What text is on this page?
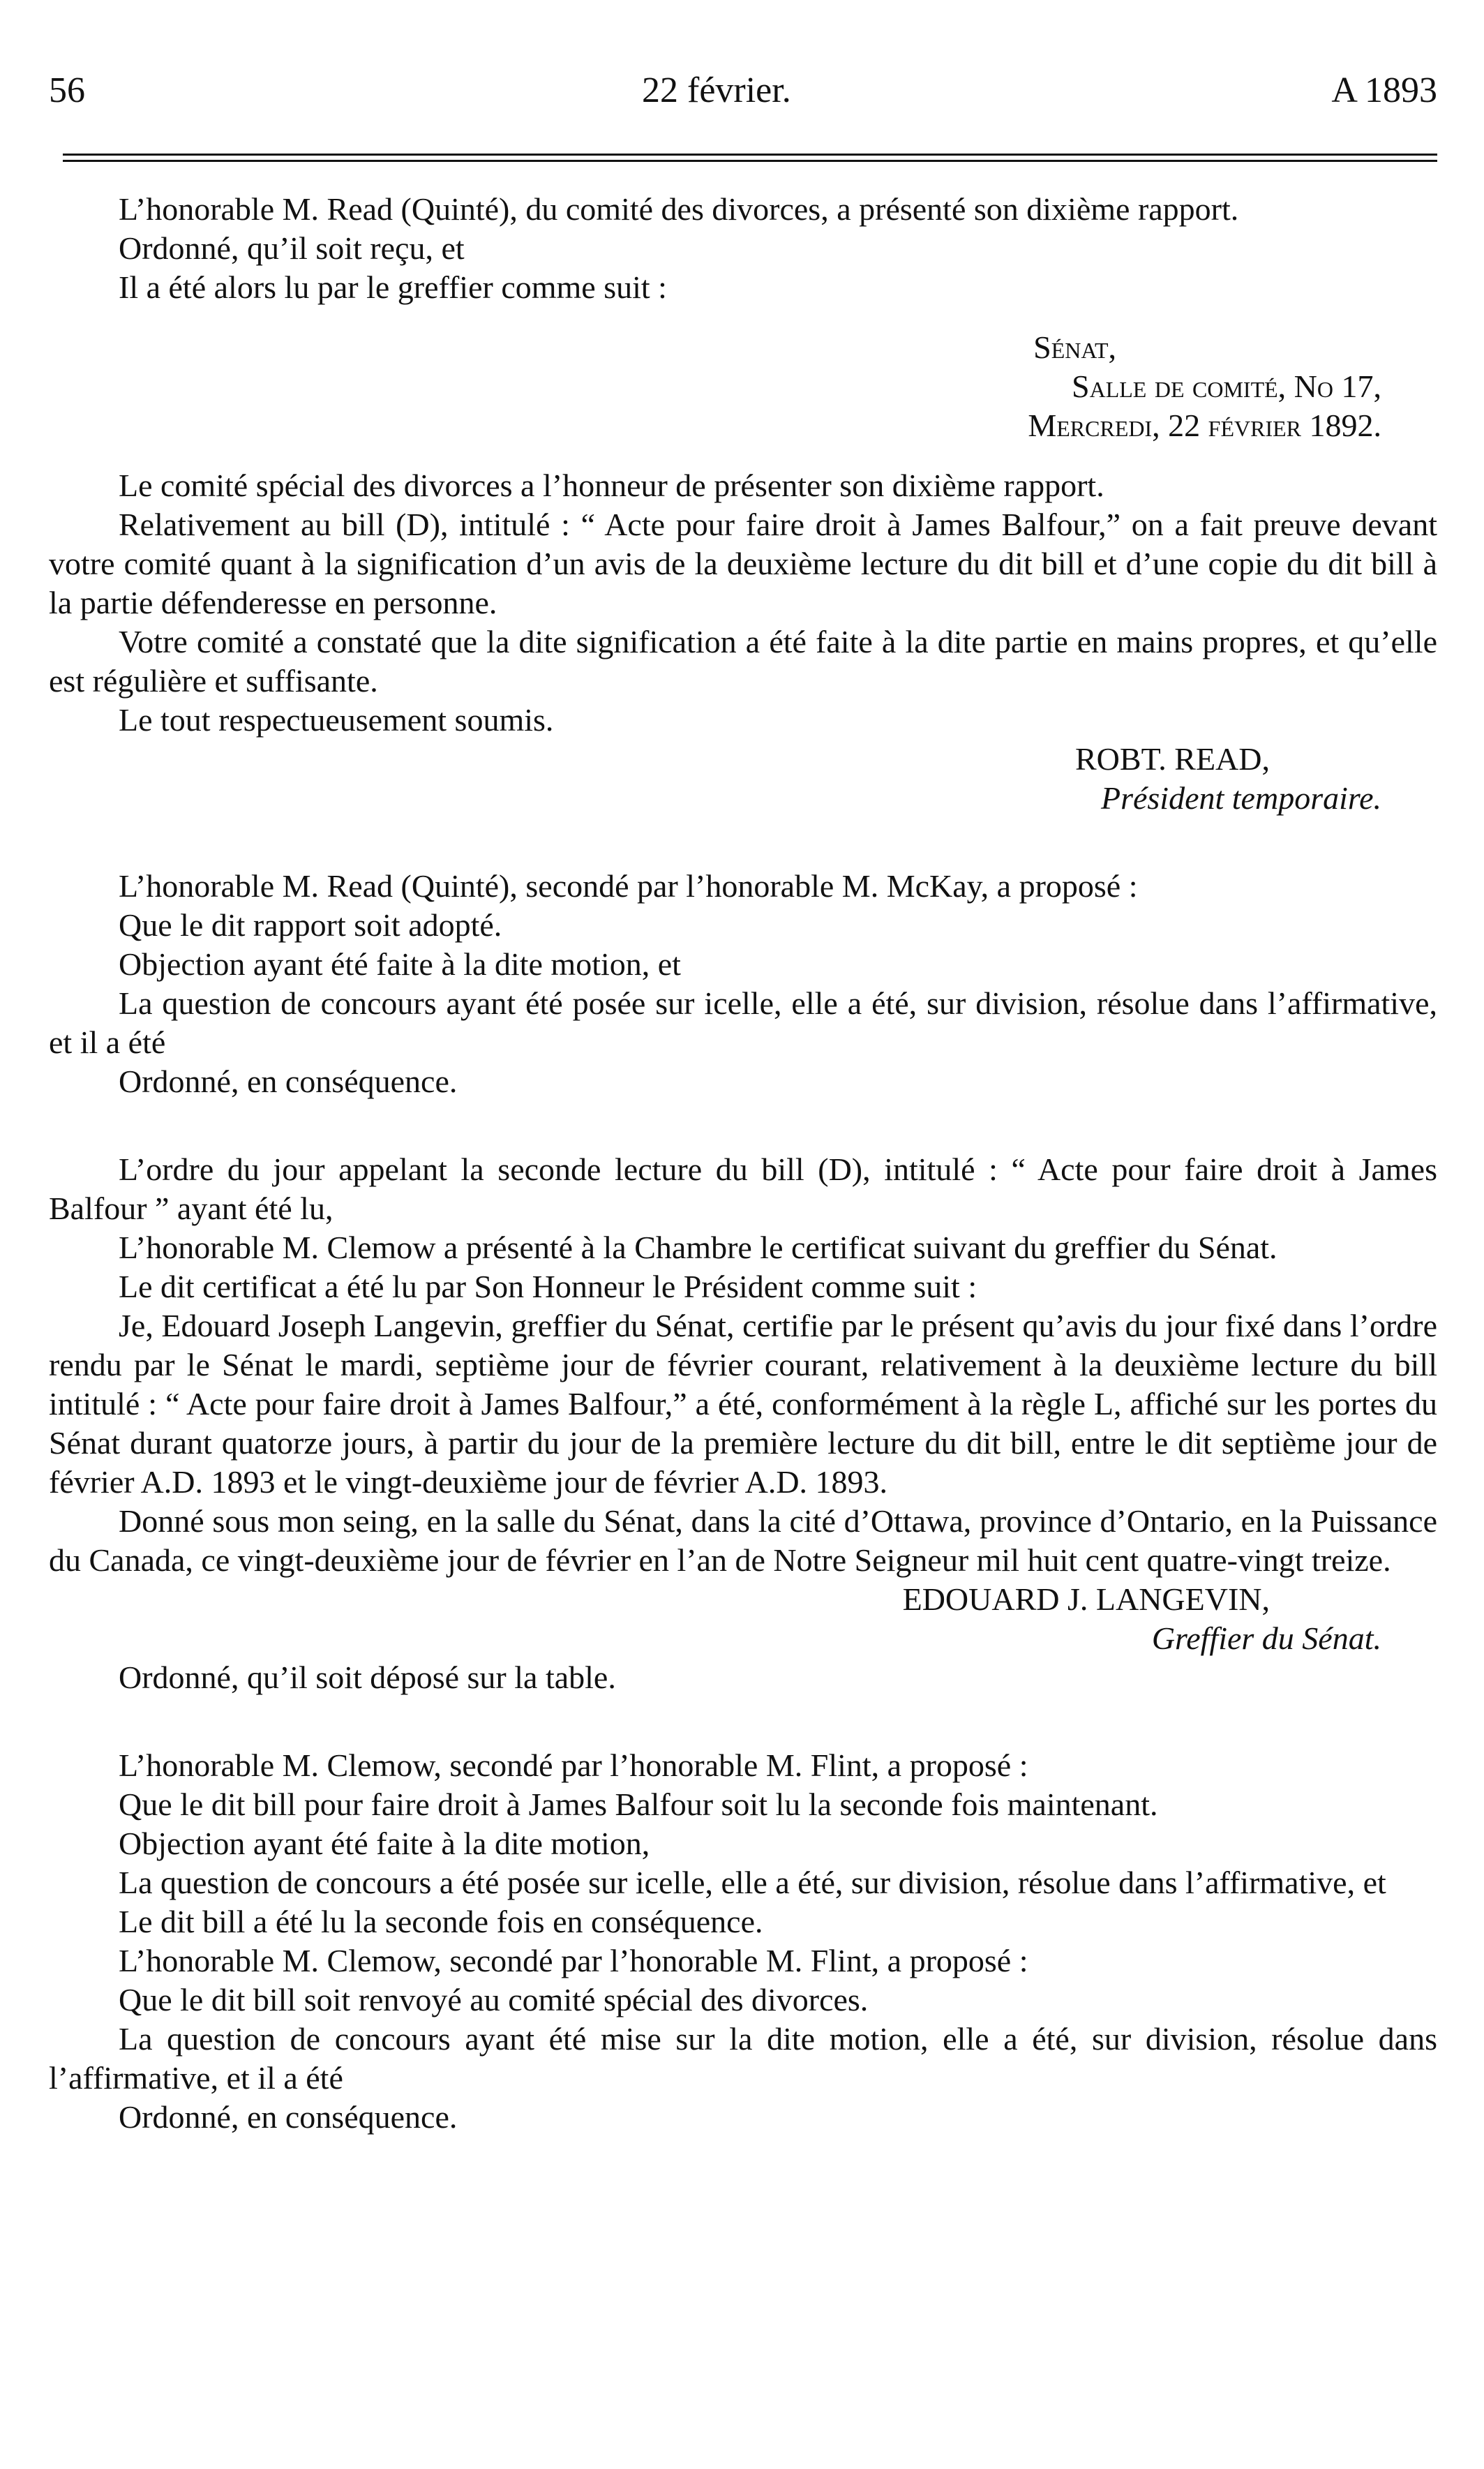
56	22 février.	A 1893

L’honorable M. Read (Quinté), du comité des divorces, a présenté son dixième rapport.

Ordonné, qu’il soit reçu, et

Il a été alors lu par le greffier comme suit :

Sénat,
Salle de comité, No 17,
Mercredi, 22 février 1892.

Le comité spécial des divorces a l’honneur de présenter son dixième rapport.

Relativement au bill (D), intitulé : “ Acte pour faire droit à James Balfour,” on a fait preuve devant votre comité quant à la signification d’un avis de la deuxième lecture du dit bill et d’une copie du dit bill à la partie défenderesse en personne.

Votre comité a constaté que la dite signification a été faite à la dite partie en mains propres, et qu’elle est régulière et suffisante.

Le tout respectueusement soumis.

ROBT. READ,
Président temporaire.

L’honorable M. Read (Quinté), secondé par l’honorable M. McKay, a proposé :

Que le dit rapport soit adopté.

Objection ayant été faite à la dite motion, et

La question de concours ayant été posée sur icelle, elle a été, sur division, résolue dans l’affirmative, et il a été

Ordonné, en conséquence.

L’ordre du jour appelant la seconde lecture du bill (D), intitulé : “ Acte pour faire droit à James Balfour ” ayant été lu,

L’honorable M. Clemow a présenté à la Chambre le certificat suivant du greffier du Sénat.

Le dit certificat a été lu par Son Honneur le Président comme suit :

Je, Edouard Joseph Langevin, greffier du Sénat, certifie par le présent qu’avis du jour fixé dans l’ordre rendu par le Sénat le mardi, septième jour de février courant, relativement à la deuxième lecture du bill intitulé : “ Acte pour faire droit à James Balfour,” a été, conformément à la règle L, affiché sur les portes du Sénat durant quatorze jours, à partir du jour de la première lecture du dit bill, entre le dit septième jour de février A.D. 1893 et le vingt-deuxième jour de février A.D. 1893.

Donné sous mon seing, en la salle du Sénat, dans la cité d’Ottawa, province d’Ontario, en la Puissance du Canada, ce vingt-deuxième jour de février en l’an de Notre Seigneur mil huit cent quatre-vingt treize.

EDOUARD J. LANGEVIN,
Greffier du Sénat.

Ordonné, qu’il soit déposé sur la table.

L’honorable M. Clemow, secondé par l’honorable M. Flint, a proposé :

Que le dit bill pour faire droit à James Balfour soit lu la seconde fois maintenant.

Objection ayant été faite à la dite motion,

La question de concours a été posée sur icelle, elle a été, sur division, résolue dans l’affirmative, et

Le dit bill a été lu la seconde fois en conséquence.

L’honorable M. Clemow, secondé par l’honorable M. Flint, a proposé :

Que le dit bill soit renvoyé au comité spécial des divorces.

La question de concours ayant été mise sur la dite motion, elle a été, sur division, résolue dans l’affirmative, et il a été

Ordonné, en conséquence.
